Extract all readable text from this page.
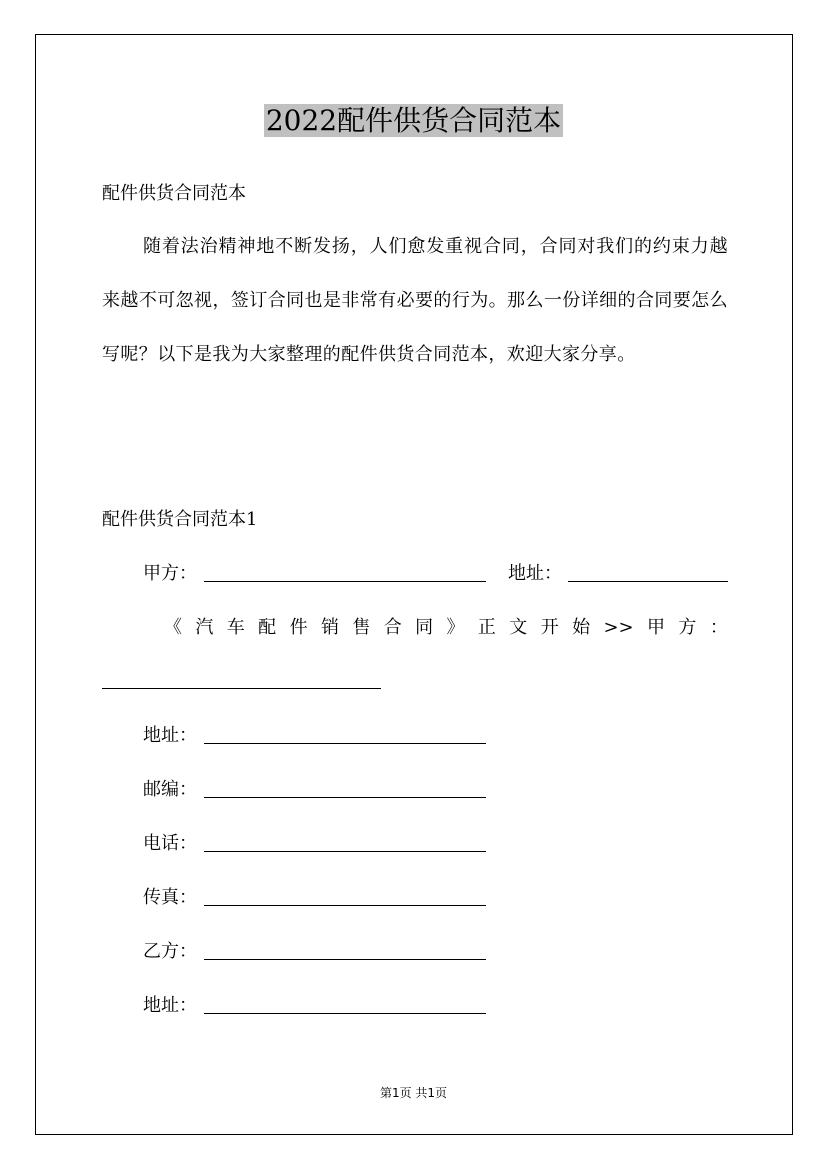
2022配件供货合同范本
配件供货合同范本
随着法治精神地不断发扬，人们愈发重视合同，合同对我们的约束力越来越不可忽视，签订合同也是非常有必要的行为。那么一份详细的合同要怎么写呢？以下是我为大家整理的配件供货合同范本，欢迎大家分享。
配件供货合同范本1
甲方：	地址：
《 汽 车 配 件 销 售 合 同 》 正 文 开 始 >> 甲 方 ：
地址：
邮编：
电话：
传真：
乙方：
地址：
第1页 共1页
